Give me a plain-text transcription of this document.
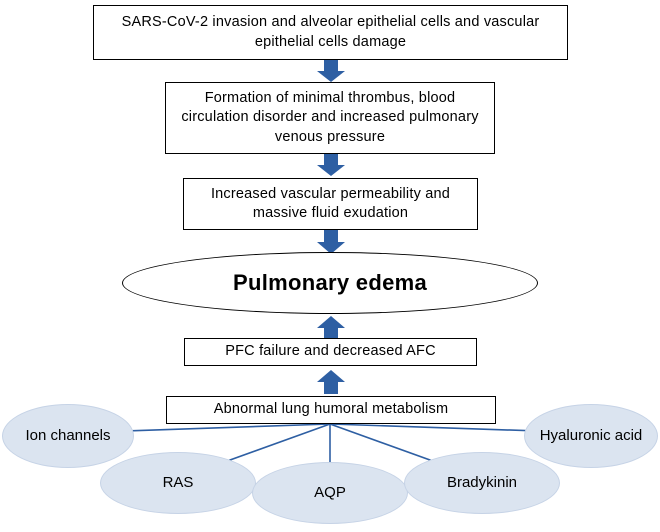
SARS-CoV-2 invasion and alveolar epithelial cells and vascular epithelial cells damage
Formation of minimal thrombus, blood circulation disorder and increased pulmonary venous pressure
Increased vascular permeability and massive fluid exudation
Pulmonary edema
PFC failure and decreased AFC
Abnormal lung humoral metabolism
Ion channels
RAS
AQP
Bradykinin
Hyaluronic acid
